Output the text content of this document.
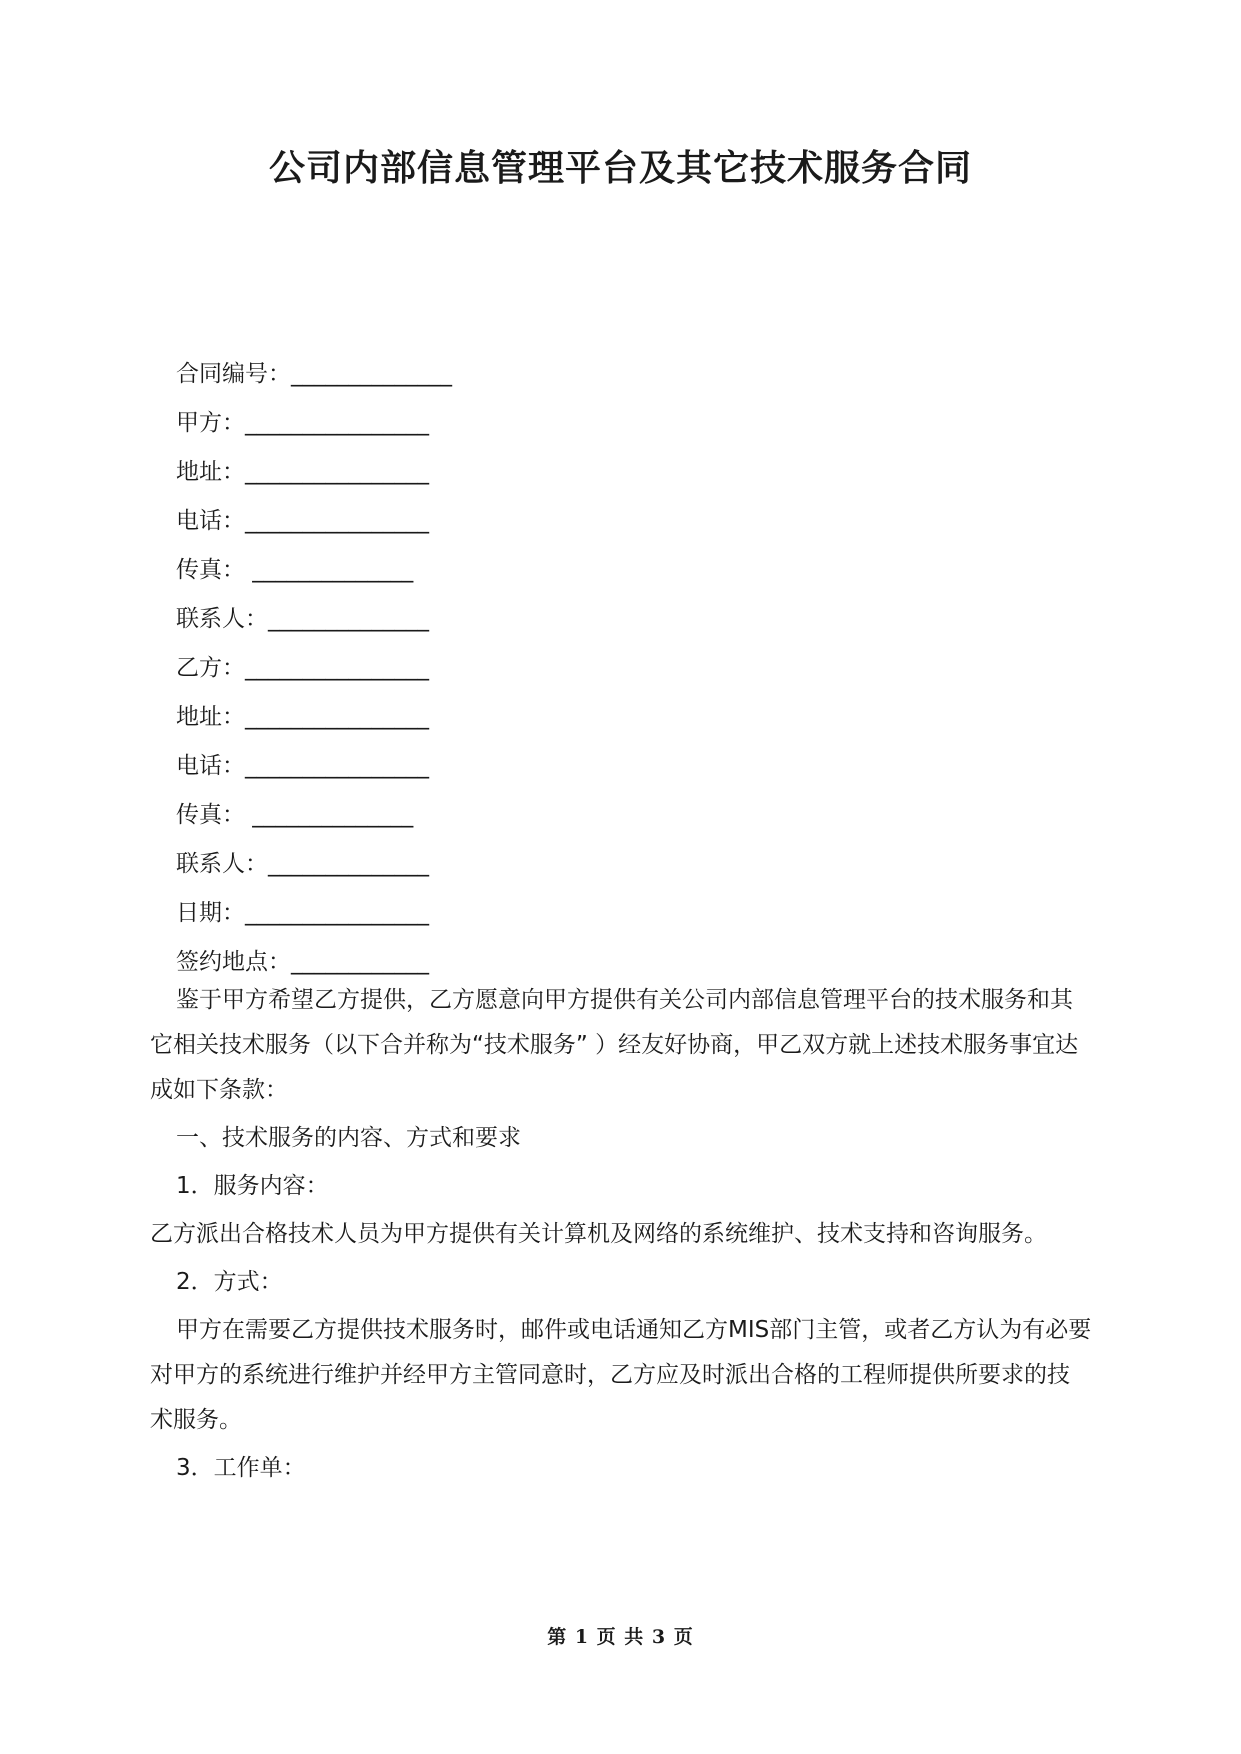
公司内部信息管理平台及其它技术服务合同
合同编号：______________
甲方：________________
地址：________________
电话：________________
传真： ______________
联系人：______________
乙方：________________
地址：________________
电话：________________
传真： ______________
联系人：______________
日期：________________
签约地点：____________

鉴于甲方希望乙方提供，乙方愿意向甲方提供有关公司内部信息管理平台的技术服务和其它相关技术服务（以下合并称为“技术服务” ）经友好协商，甲乙双方就上述技术服务事宜达成如下条款：

一、技术服务的内容、方式和要求

1．服务内容：

乙方派出合格技术人员为甲方提供有关计算机及网络的系统维护、技术支持和咨询服务。

2．方式：

甲方在需要乙方提供技术服务时，邮件或电话通知乙方MIS部门主管，或者乙方认为有必要对甲方的系统进行维护并经甲方主管同意时，乙方应及时派出合格的工程师提供所要求的技术服务。

3．工作单：

第 1 页 共 3 页
